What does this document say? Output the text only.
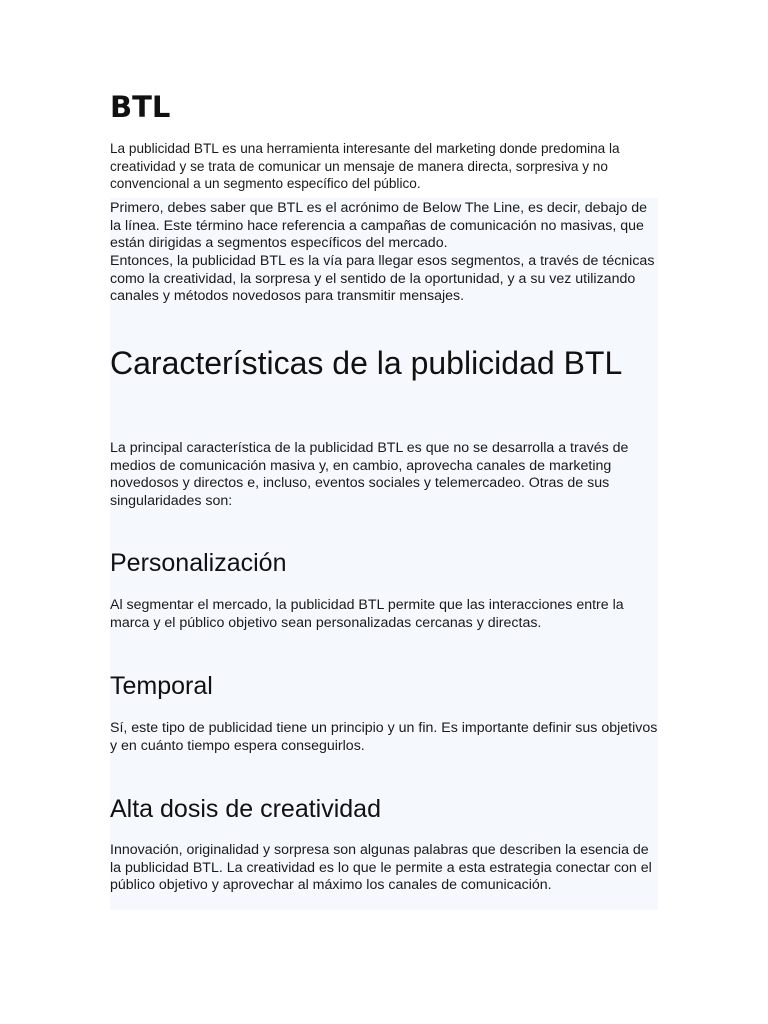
BTL

La publicidad BTL es una herramienta interesante del marketing donde predomina la creatividad y se trata de comunicar un mensaje de manera directa, sorpresiva y no convencional a un segmento específico del público.

Primero, debes saber que BTL es el acrónimo de Below The Line, es decir, debajo de la línea. Este término hace referencia a campañas de comunicación no masivas, que están dirigidas a segmentos específicos del mercado.

Entonces, la publicidad BTL es la vía para llegar esos segmentos, a través de técnicas como la creatividad, la sorpresa y el sentido de la oportunidad, y a su vez utilizando canales y métodos novedosos para transmitir mensajes.

Características de la publicidad BTL

La principal característica de la publicidad BTL es que no se desarrolla a través de medios de comunicación masiva y, en cambio, aprovecha canales de marketing novedosos y directos e, incluso, eventos sociales y telemercadeo. Otras de sus singularidades son:

Personalización

Al segmentar el mercado, la publicidad BTL permite que las interacciones entre la marca y el público objetivo sean personalizadas cercanas y directas.

Temporal

Sí, este tipo de publicidad tiene un principio y un fin. Es importante definir sus objetivos y en cuánto tiempo espera conseguirlos.

Alta dosis de creatividad

Innovación, originalidad y sorpresa son algunas palabras que describen la esencia de la publicidad BTL. La creatividad es lo que le permite a esta estrategia conectar con el público objetivo y aprovechar al máximo los canales de comunicación.
